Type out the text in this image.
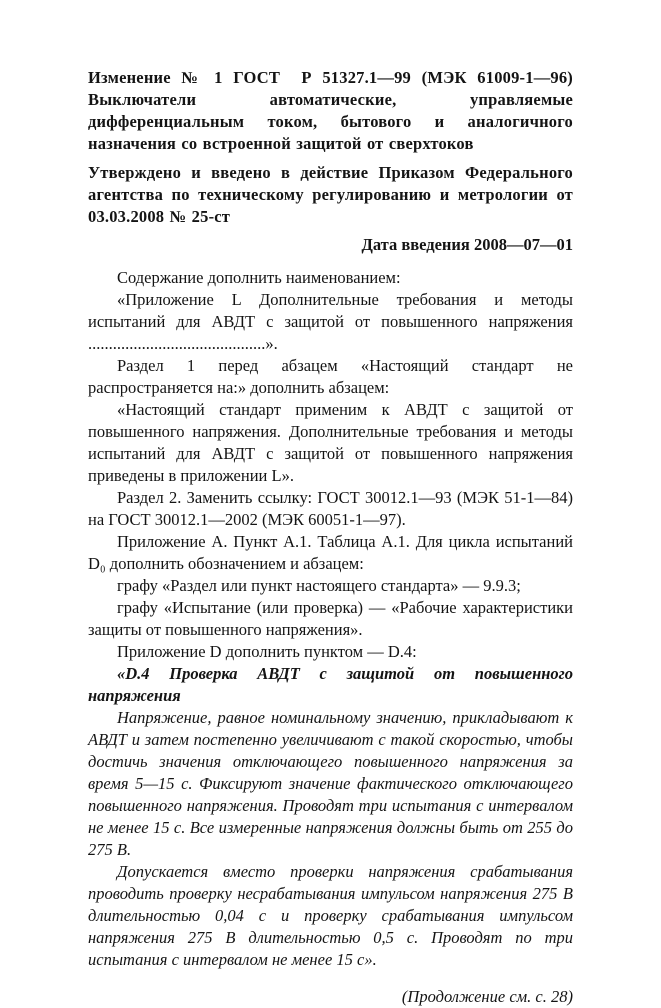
Изменение № 1 ГОСТ  Р 51327.1—99 (МЭК 61009-1—96) Выключатели автоматические, управляемые дифференциальным током, бытового и аналогичного назначения со встроенной защитой от сверхтоков

Утверждено и введено в действие Приказом Федерального агентства по техническому регулированию и метрологии от 03.03.2008 № 25-ст

Дата введения 2008—07—01

Содержание дополнить наименованием:

«Приложение L Дополнительные требования и методы испытаний для АВДТ с защитой от повышенного напряжения ...........................................».

Раздел 1 перед абзацем «Настоящий стандарт не распространяется на:» дополнить абзацем:

«Настоящий стандарт применим к АВДТ с защитой от повышенного напряжения. Дополнительные требования и методы испытаний для АВДТ с защитой от повышенного напряжения приведены в приложении L».

Раздел 2. Заменить ссылку: ГОСТ 30012.1—93 (МЭК 51-1—84) на ГОСТ 30012.1—2002 (МЭК 60051-1—97).

Приложение А. Пункт А.1. Таблица А.1. Для цикла испытаний D₀ дополнить обозначением и абзацем:

графу «Раздел или пункт настоящего стандарта» — 9.9.3;

графу «Испытание (или проверка) — «Рабочие характеристики защиты от повышенного напряжения».

Приложение D дополнить пунктом — D.4:

«D.4 Проверка АВДТ с защитой от повышенного напряжения

Напряжение, равное номинальному значению, прикладывают к АВДТ и затем постепенно увеличивают с такой скоростью, чтобы достичь значения отключающего повышенного напряжения за время 5—15 с. Фиксируют значение фактического отключающего повышенного напряжения. Проводят три испытания с интервалом не менее 15 с. Все измеренные напряжения должны быть от 255 до 275 В.

Допускается вместо проверки напряжения срабатывания проводить проверку несрабатывания импульсом напряжения 275 В длительностью 0,04 с и проверку срабатывания импульсом напряжения 275 В длительностью 0,5 с. Проводят по три испытания с интервалом не менее 15 с».

(Продолжение см. с. 28)
